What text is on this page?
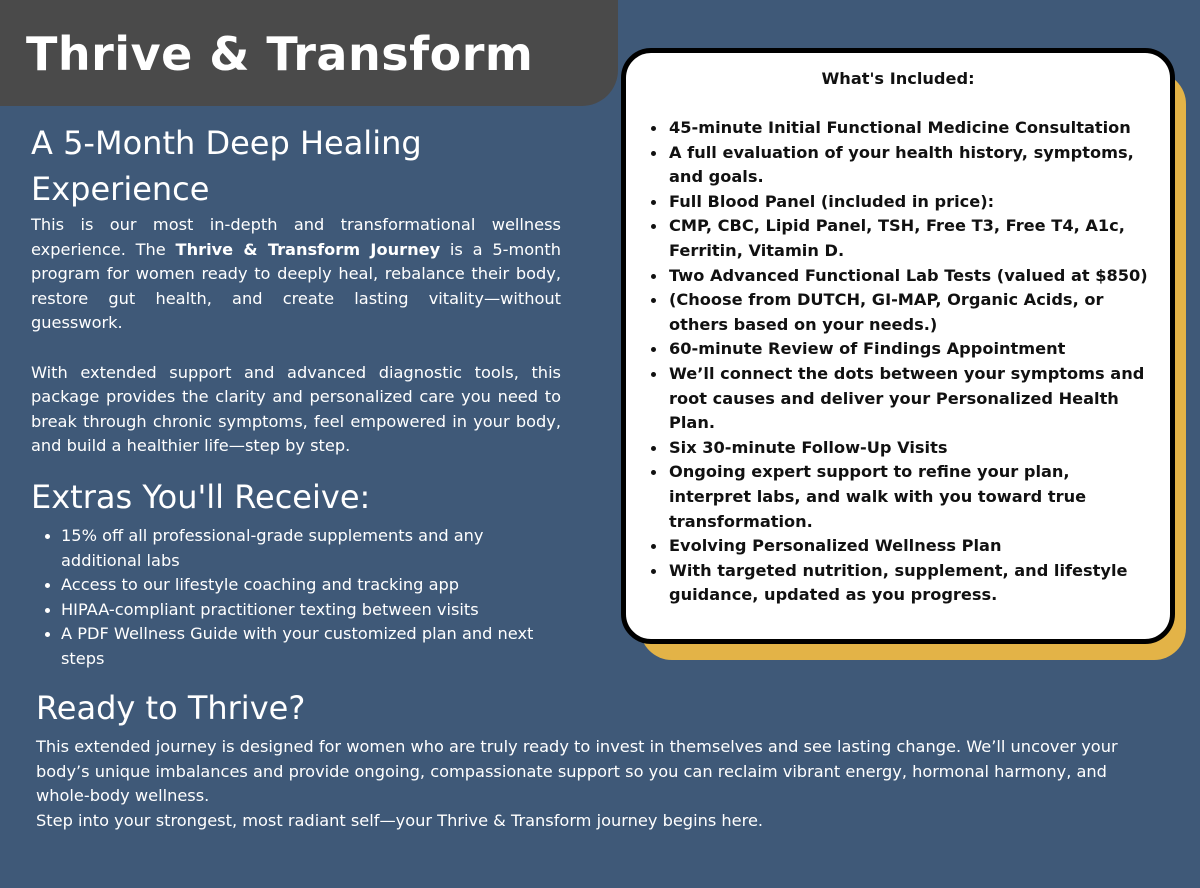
Thrive & Transform
A 5-Month Deep Healing Experience

This is our most in-depth and transformational wellness experience. The Thrive & Transform Journey is a 5-month program for women ready to deeply heal, rebalance their body, restore gut health, and create lasting vitality—without guesswork.

With extended support and advanced diagnostic tools, this package provides the clarity and personalized care you need to break through chronic symptoms, feel empowered in your body, and build a healthier life—step by step.

Extras You'll Receive:
15% off all professional-grade supplements and any additional labs
Access to our lifestyle coaching and tracking app
HIPAA-compliant practitioner texting between visits
A PDF Wellness Guide with your customized plan and next steps
Ready to Thrive?

This extended journey is designed for women who are truly ready to invest in themselves and see lasting change. We’ll uncover your body’s unique imbalances and provide ongoing, compassionate support so you can reclaim vibrant energy, hormonal harmony, and whole-body wellness.

Step into your strongest, most radiant self—your Thrive & Transform journey begins here.

What's Included:
45-minute Initial Functional Medicine Consultation
A full evaluation of your health history, symptoms, and goals.
Full Blood Panel (included in price):
CMP, CBC, Lipid Panel, TSH, Free T3, Free T4, A1c, Ferritin, Vitamin D.
Two Advanced Functional Lab Tests (valued at $850)
(Choose from DUTCH, GI-MAP, Organic Acids, or others based on your needs.)
60-minute Review of Findings Appointment
We’ll connect the dots between your symptoms and root causes and deliver your Personalized Health Plan.
Six 30-minute Follow-Up Visits
Ongoing expert support to refine your plan, interpret labs, and walk with you toward true transformation.
Evolving Personalized Wellness Plan
With targeted nutrition, supplement, and lifestyle guidance, updated as you progress.
